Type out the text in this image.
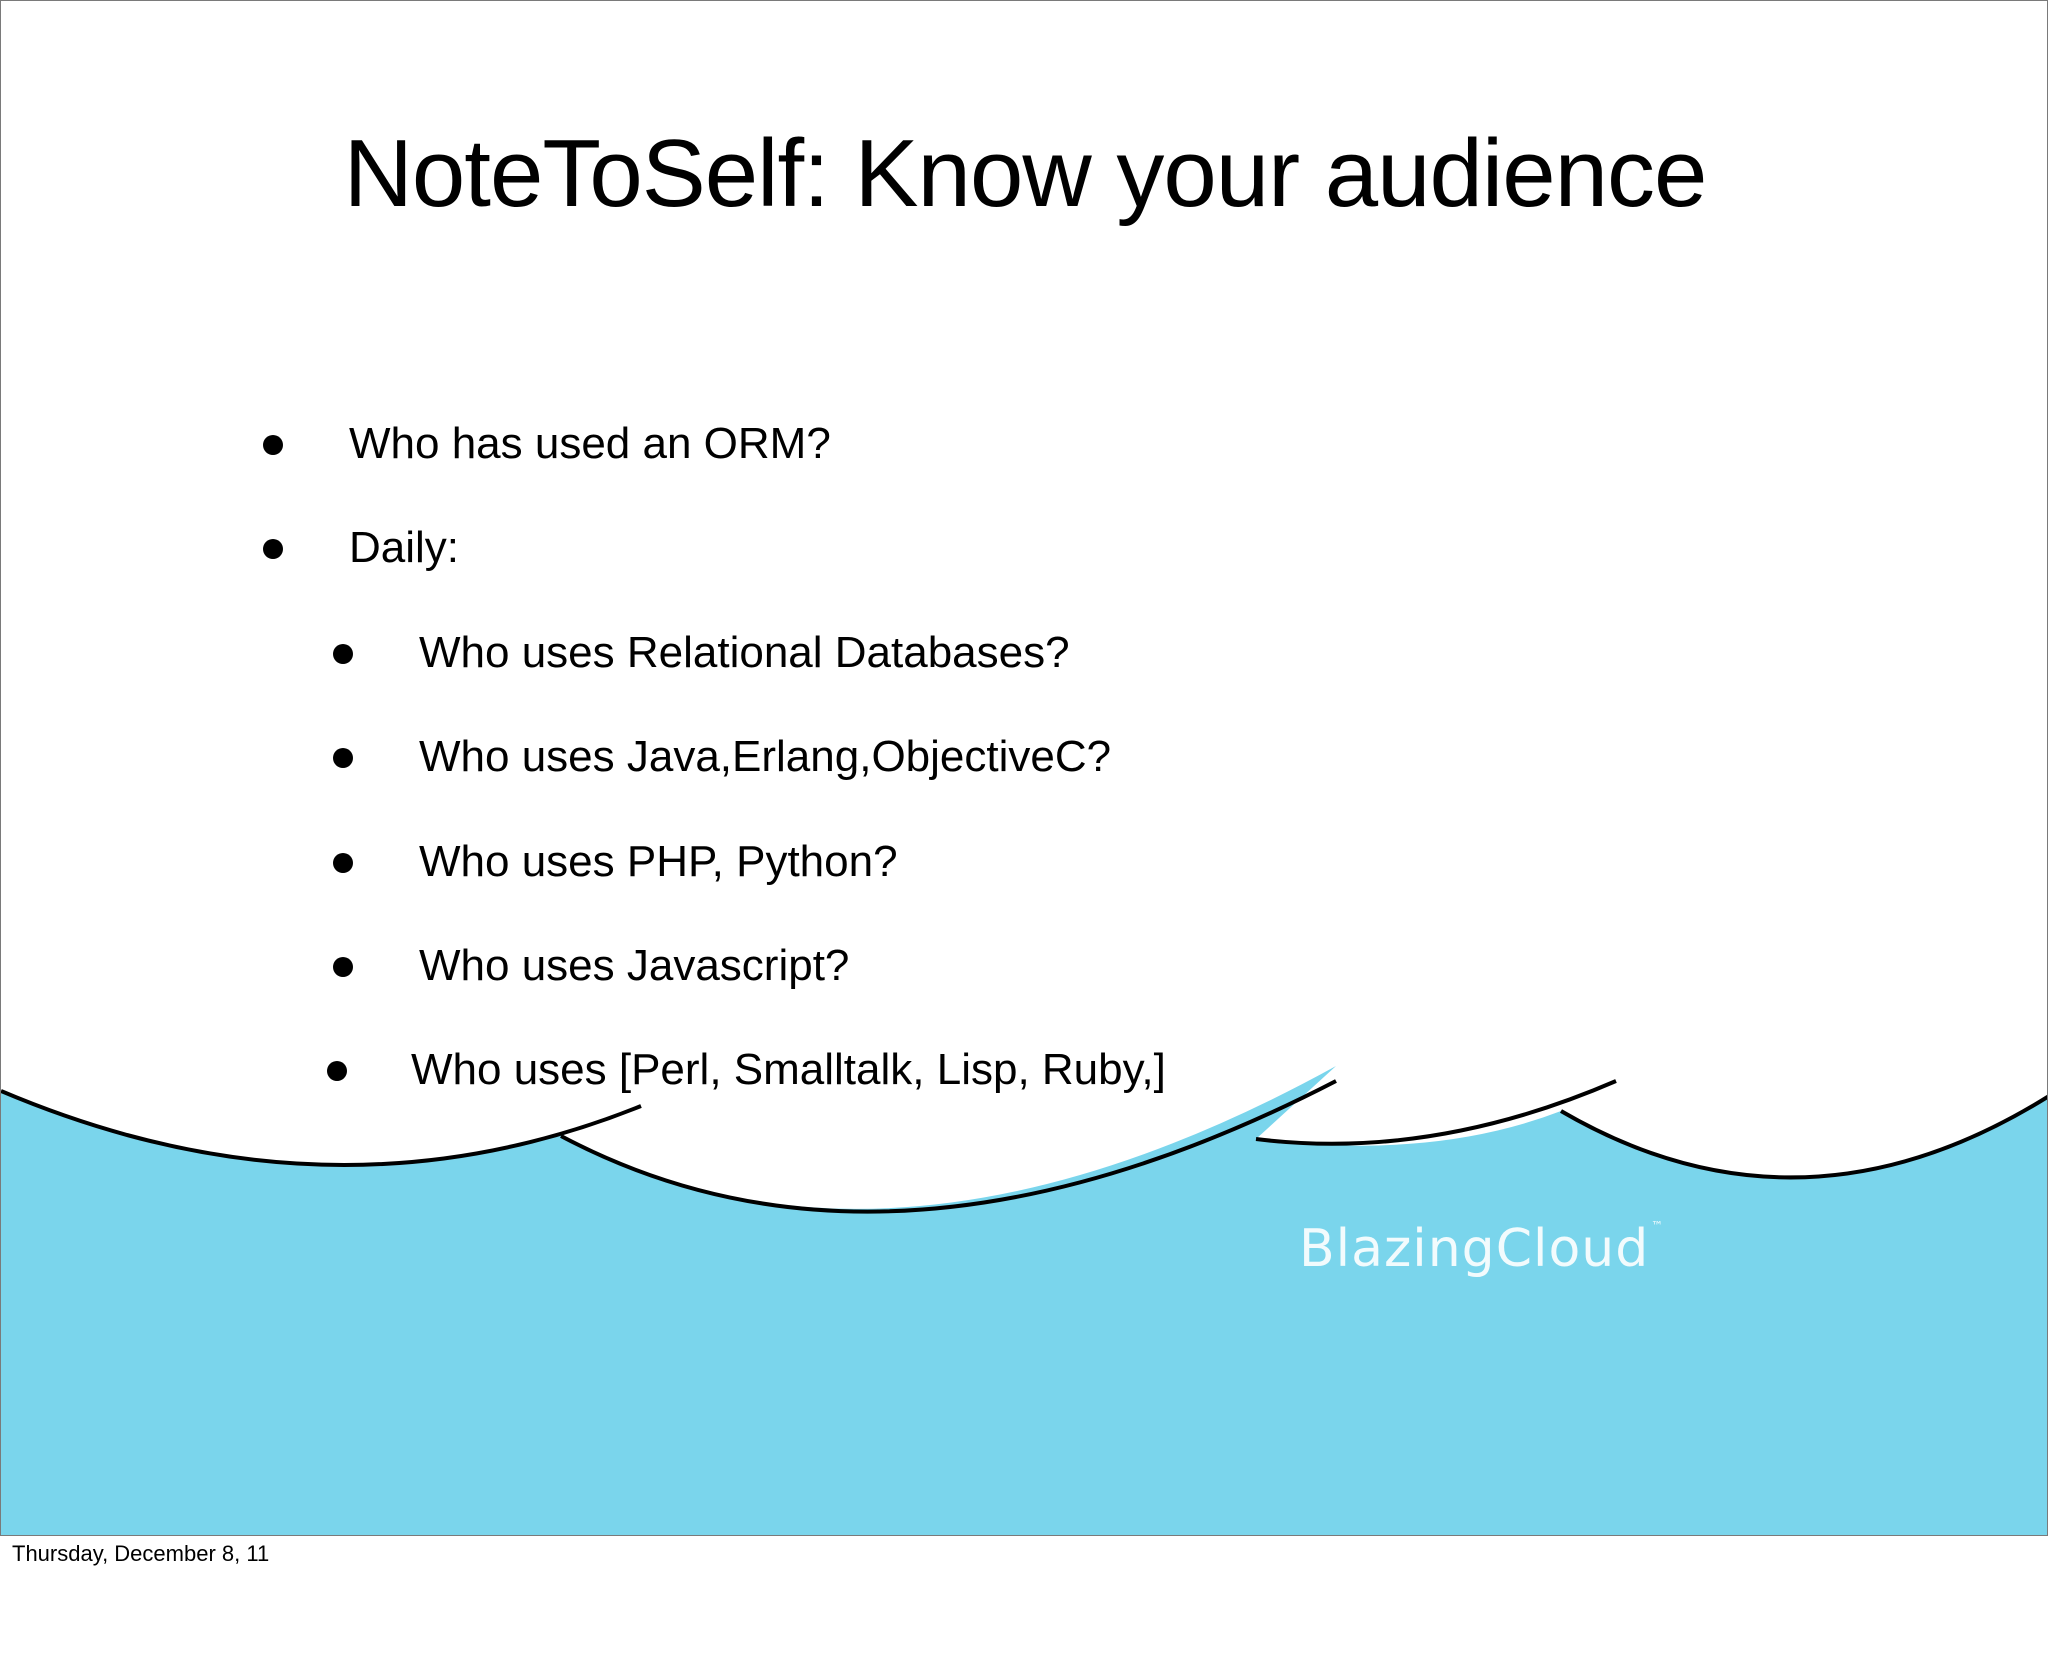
NoteToSelf: Know your audience
Who has used an ORM?
Daily:
Who uses Relational Databases?
Who uses Java,Erlang,ObjectiveC?
Who uses PHP, Python?
Who uses Javascript?
Who uses [Perl, Smalltalk, Lisp, Ruby,]
BlazingCloud ™
Thursday, December 8, 11
